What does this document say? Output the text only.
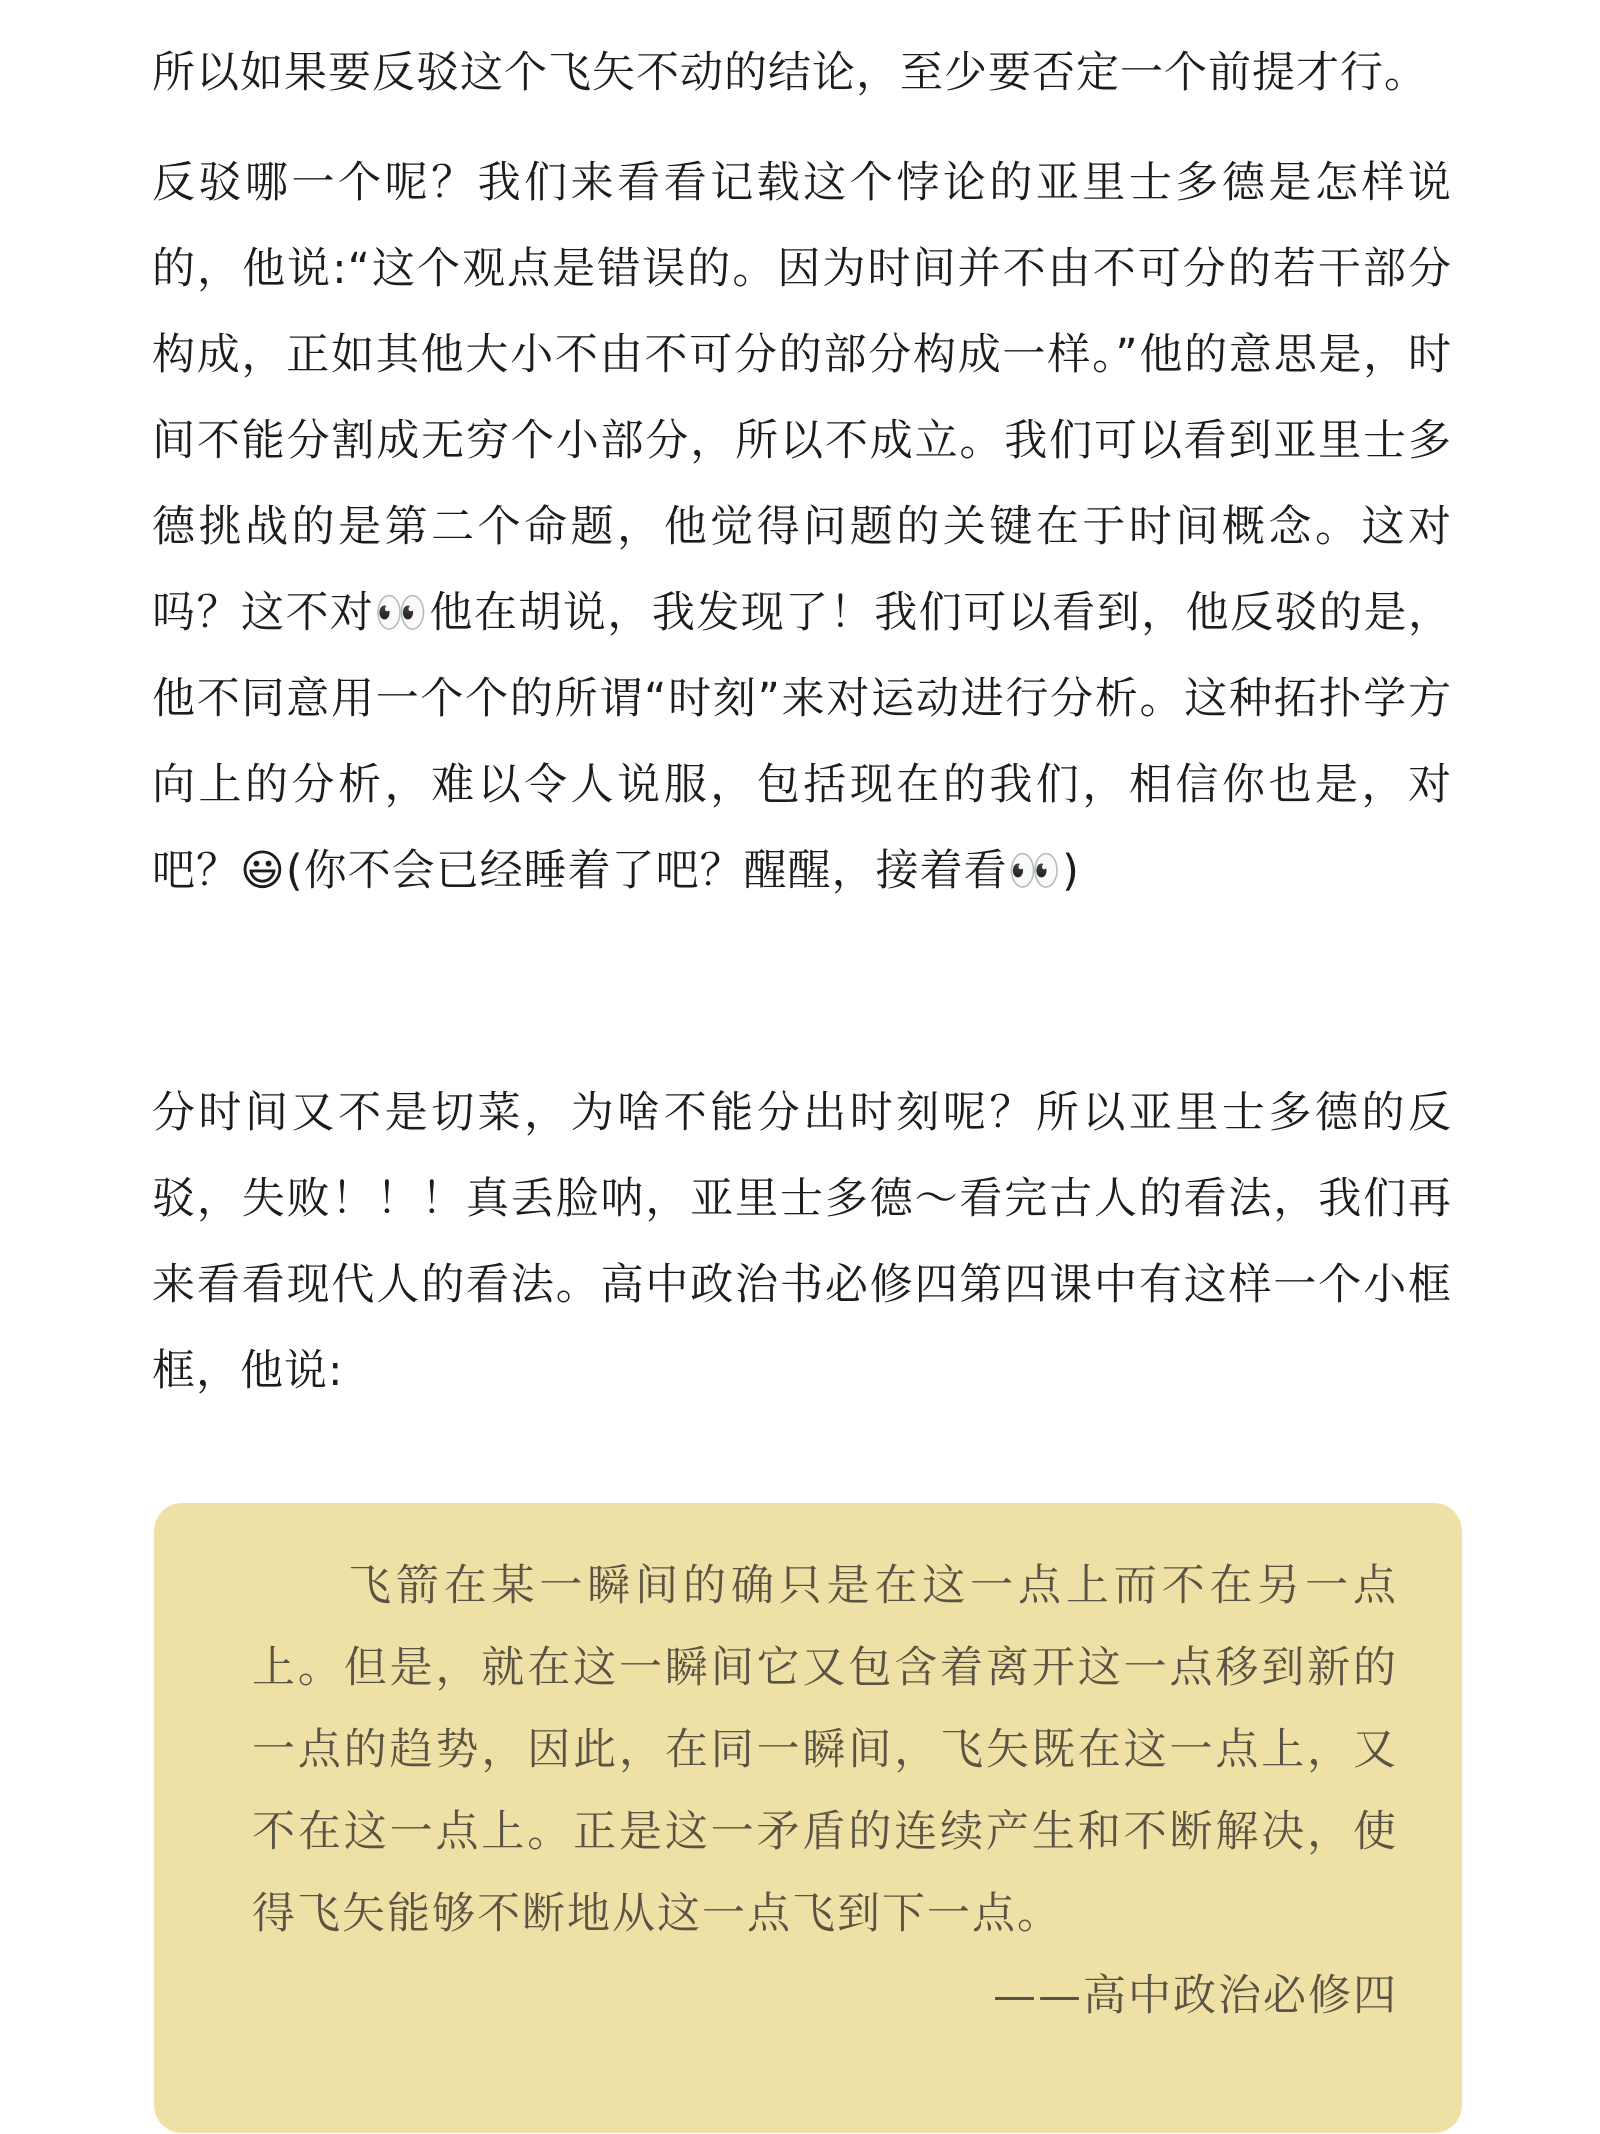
所以如果要反驳这个飞矢不动的结论，至少要否定一个前提才行。

反驳哪一个呢？我们来看看记载这个悖论的亚里士多德是怎样说的，他说:“这个观点是错误的。因为时间并不由不可分的若干部分构成，正如其他大小不由不可分的部分构成一样。”他的意思是，时间不能分割成无穷个小部分，所以不成立。我们可以看到亚里士多德挑战的是第二个命题，他觉得问题的关键在于时间概念。这对吗？这不对👀他在胡说，我发现了！我们可以看到，他反驳的是，他不同意用一个个的所谓“时刻”来对运动进行分析。这种拓扑学方向上的分析，难以令人说服，包括现在的我们，相信你也是，对吧？😃(你不会已经睡着了吧？醒醒，接着看👀)

分时间又不是切菜，为啥不能分出时刻呢？所以亚里士多德的反驳，失败！！！真丢脸呐，亚里士多德～看完古人的看法，我们再来看看现代人的看法。高中政治书必修四第四课中有这样一个小框框，他说:

飞箭在某一瞬间的确只是在这一点上而不在另一点上。但是，就在这一瞬间它又包含着离开这一点移到新的一点的趋势，因此，在同一瞬间，飞矢既在这一点上，又不在这一点上。正是这一矛盾的连续产生和不断解决，使得飞矢能够不断地从这一点飞到下一点。

——高中政治必修四
